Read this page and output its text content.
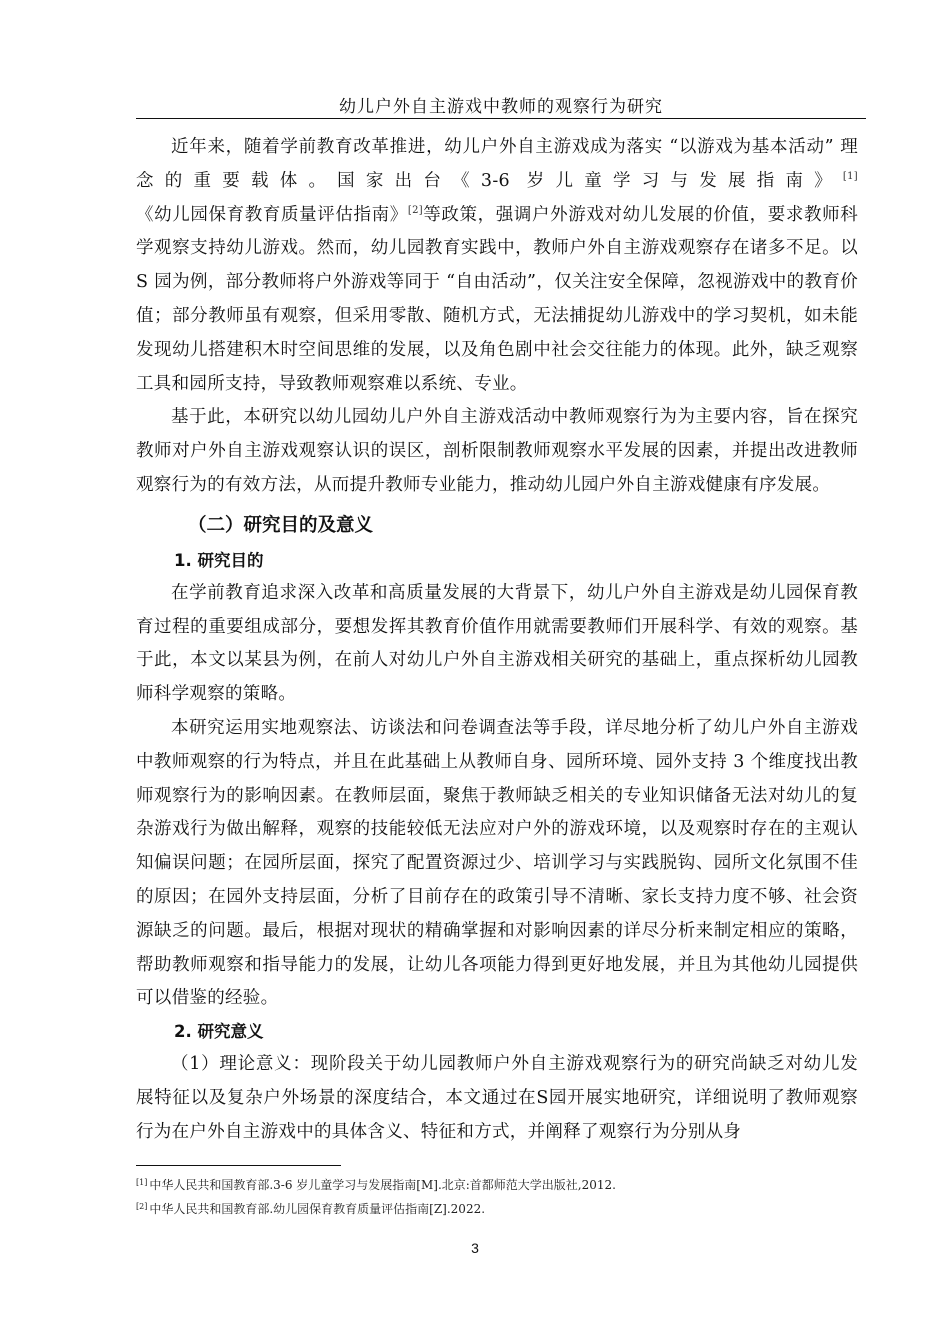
幼儿户外自主游戏中教师的观察行为研究

近年来，随着学前教育改革推进，幼儿户外自主游戏成为落实 “以游戏为基本活动” 理念的重要载体。国家出台《3-6 岁儿童学习与发展指南》[1]《幼儿园保育教育质量评估指南》[2]等政策，强调户外游戏对幼儿发展的价值，要求教师科学观察支持幼儿游戏。然而，幼儿园教育实践中，教师户外自主游戏观察存在诸多不足。以 S 园为例，部分教师将户外游戏等同于 “自由活动”，仅关注安全保障，忽视游戏中的教育价值；部分教师虽有观察，但采用零散、随机方式，无法捕捉幼儿游戏中的学习契机，如未能发现幼儿搭建积木时空间思维的发展，以及角色剧中社会交往能力的体现。此外，缺乏观察工具和园所支持，导致教师观察难以系统、专业。

基于此，本研究以幼儿园幼儿户外自主游戏活动中教师观察行为为主要内容，旨在探究教师对户外自主游戏观察认识的误区，剖析限制教师观察水平发展的因素，并提出改进教师观察行为的有效方法，从而提升教师专业能力，推动幼儿园户外自主游戏健康有序发展。

（二）研究目的及意义
1. 研究目的

在学前教育追求深入改革和高质量发展的大背景下，幼儿户外自主游戏是幼儿园保育教育过程的重要组成部分，要想发挥其教育价值作用就需要教师们开展科学、有效的观察。基于此，本文以某县为例，在前人对幼儿户外自主游戏相关研究的基础上，重点探析幼儿园教师科学观察的策略。

本研究运用实地观察法、访谈法和问卷调查法等手段，详尽地分析了幼儿户外自主游戏中教师观察的行为特点，并且在此基础上从教师自身、园所环境、园外支持 3 个维度找出教师观察行为的影响因素。在教师层面，聚焦于教师缺乏相关的专业知识储备无法对幼儿的复杂游戏行为做出解释，观察的技能较低无法应对户外的游戏环境，以及观察时存在的主观认知偏误问题；在园所层面，探究了配置资源过少、培训学习与实践脱钩、园所文化氛围不佳的原因；在园外支持层面，分析了目前存在的政策引导不清晰、家长支持力度不够、社会资源缺乏的问题。最后，根据对现状的精确掌握和对影响因素的详尽分析来制定相应的策略，帮助教师观察和指导能力的发展，让幼儿各项能力得到更好地发展，并且为其他幼儿园提供可以借鉴的经验。

2. 研究意义

（1）理论意义：现阶段关于幼儿园教师户外自主游戏观察行为的研究尚缺乏对幼儿发展特征以及复杂户外场景的深度结合，本文通过在S园开展实地研究，详细说明了教师观察行为在户外自主游戏中的具体含义、特征和方式，并阐释了观察行为分别从身

[1] 中华人民共和国教育部.3-6 岁儿童学习与发展指南[M].北京:首都师范大学出版社,2012.
[2] 中华人民共和国教育部.幼儿园保育教育质量评估指南[Z].2022.
3
